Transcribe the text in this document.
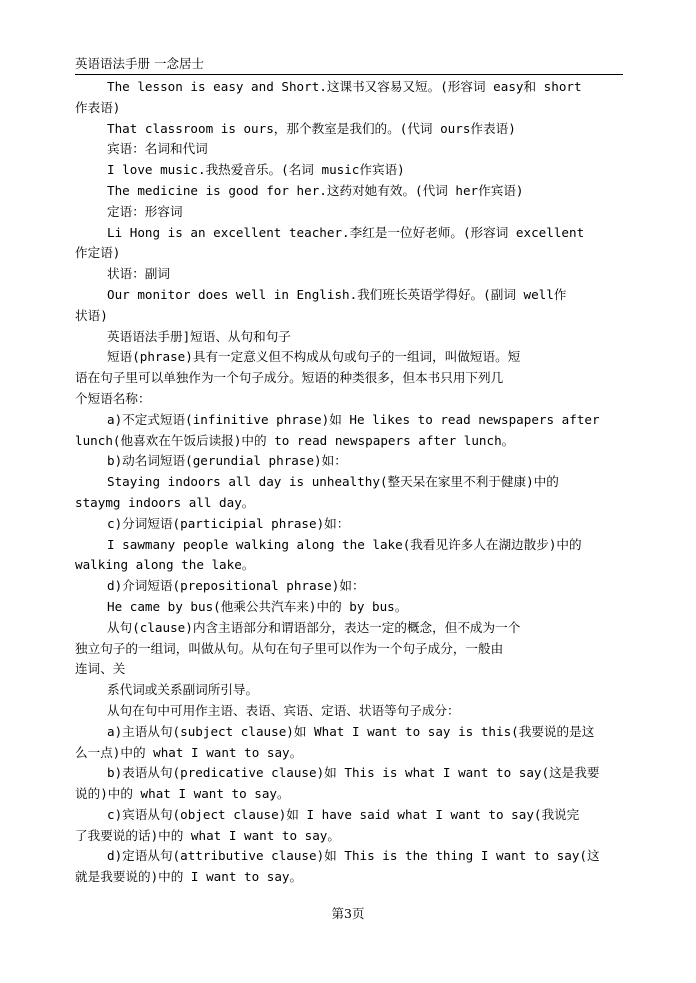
英语语法手册 一念居士
The lesson is easy and Short.这课书又容易又短。(形容词 easy和 short
作表语)
That classroom is ours，那个教室是我们的。(代词 ours作表语)
宾语：名词和代词
I love music.我热爱音乐。(名词 music作宾语)
The medicine is good for her.这药对她有效。(代词 her作宾语)
定语：形容词
Li Hong is an excellent teacher.李红是一位好老师。(形容词 excellent
作定语)
状语：副词
Our monitor does well in English.我们班长英语学得好。(副词 well作
状语)
英语语法手册]短语、从句和句子
短语(phrase)具有一定意义但不构成从句或句子的一组词，叫做短语。短
语在句子里可以单独作为一个句子成分。短语的种类很多，但本书只用下列几
个短语名称：
a)不定式短语(infinitive phrase)如 He likes to read newspapers after
lunch(他喜欢在午饭后读报)中的 to read newspapers after lunch。
b)动名词短语(gerundial phrase)如：
Staying indoors all day is unhealthy(整天呆在家里不利于健康)中的
staymg indoors all day。
c)分词短语(participial phrase)如：
I sawmany people walking along the lake(我看见许多人在湖边散步)中的
walking along the lake。
d)介词短语(prepositional phrase)如：
He came by bus(他乘公共汽车来)中的 by bus。
从句(clause)内含主语部分和谓语部分，表达一定的概念，但不成为一个
独立句子的一组词，叫做从句。从句在句子里可以作为一个句子成分，一般由
连词、关
系代词或关系副词所引导。
从句在句中可用作主语、表语、宾语、定语、状语等句子成分：
a)主语从句(subject clause)如 What I want to say is this(我要说的是这
么一点)中的 what I want to say。
b)表语从句(predicative clause)如 This is what I want to say(这是我要
说的)中的 what I want to say。
c)宾语从句(object clause)如 I have said what I want to say(我说完
了我要说的话)中的 what I want to say。
d)定语从句(attributive clause)如 This is the thing I want to say(这
就是我要说的)中的 I want to say。
第3页
